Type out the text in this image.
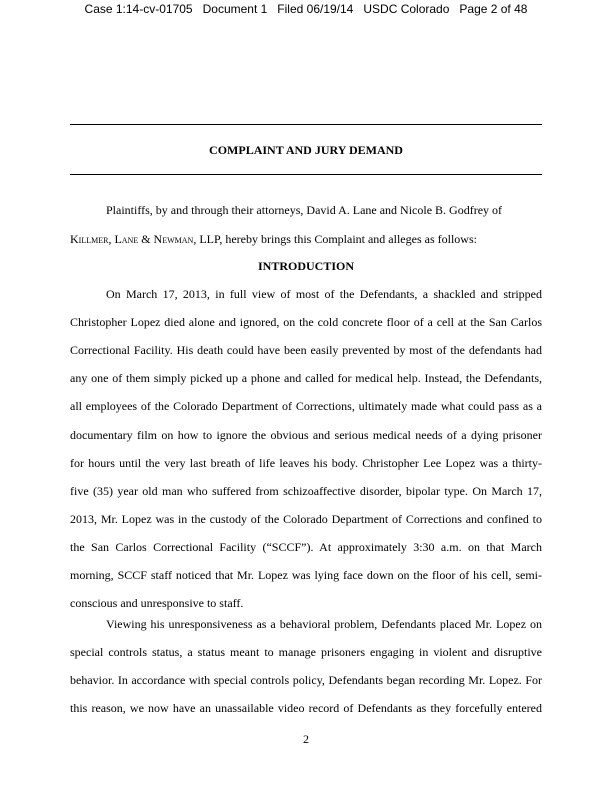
Case 1:14-cv-01705   Document 1   Filed 06/19/14   USDC Colorado   Page 2 of 48
COMPLAINT AND JURY DEMAND
Plaintiffs, by and through their attorneys, David A. Lane and Nicole B. Godfrey of
Killmer, Lane & Newman, LLP, hereby brings this Complaint and alleges as follows:
INTRODUCTION
On March 17, 2013, in full view of most of the Defendants, a shackled and stripped
Christopher Lopez died alone and ignored, on the cold concrete floor of a cell at the San Carlos
Correctional Facility. His death could have been easily prevented by most of the defendants had
any one of them simply picked up a phone and called for medical help. Instead, the Defendants,
all employees of the Colorado Department of Corrections, ultimately made what could pass as a
documentary film on how to ignore the obvious and serious medical needs of a dying prisoner
for hours until the very last breath of life leaves his body. Christopher Lee Lopez was a thirty-
five (35) year old man who suffered from schizoaffective disorder, bipolar type. On March 17,
2013, Mr. Lopez was in the custody of the Colorado Department of Corrections and confined to
the San Carlos Correctional Facility (“SCCF”). At approximately 3:30 a.m. on that March
morning, SCCF staff noticed that Mr. Lopez was lying face down on the floor of his cell, semi-
conscious and unresponsive to staff.
Viewing his unresponsiveness as a behavioral problem, Defendants placed Mr. Lopez on
special controls status, a status meant to manage prisoners engaging in violent and disruptive
behavior. In accordance with special controls policy, Defendants began recording Mr. Lopez. For
this reason, we now have an unassailable video record of Defendants as they forcefully entered
2
